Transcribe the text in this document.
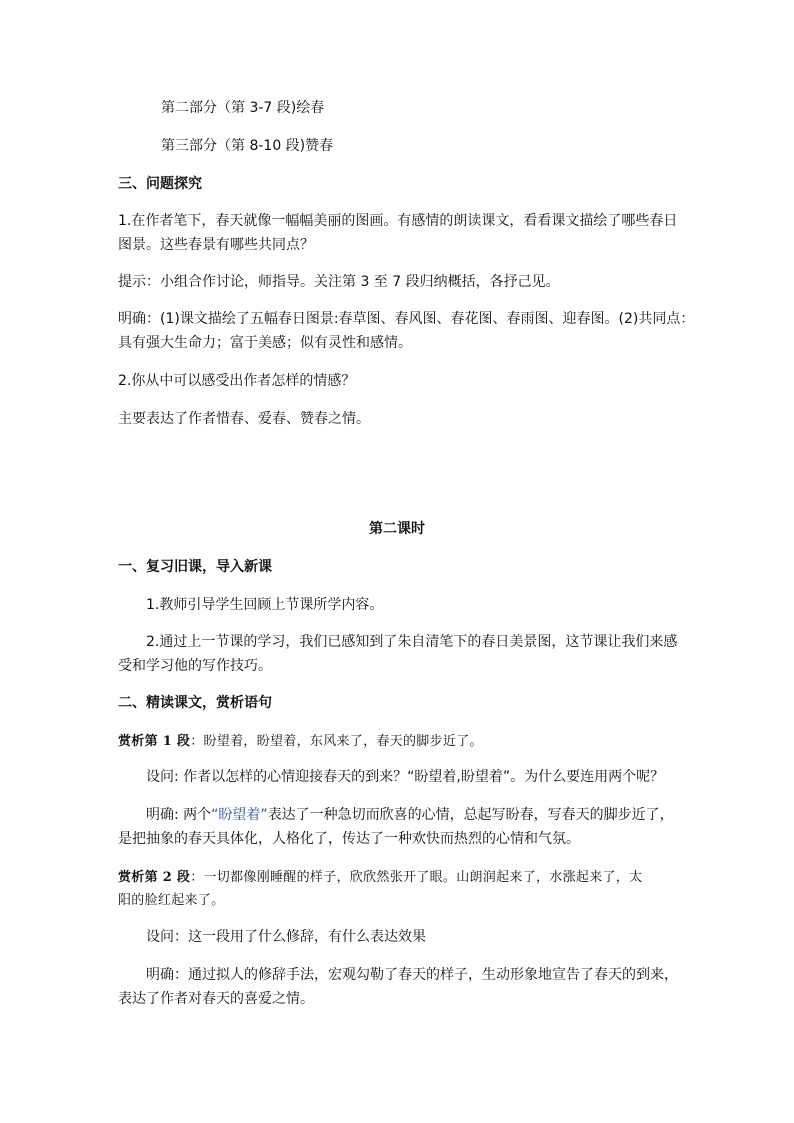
第二部分（第 3-7 段)绘春
第三部分（第 8-10 段)赞春
三、问题探究
1.在作者笔下，春天就像一幅幅美丽的图画。有感情的朗读课文，看看课文描绘了哪些春日
图景。这些春景有哪些共同点？
提示：小组合作讨论，师指导。关注第 3 至 7 段归纳概括，各抒己见。
明确：(1)课文描绘了五幅春日图景:春草图、春风图、春花图、春雨图、迎春图。(2)共同点：
具有强大生命力；富于美感；似有灵性和感情。
2.你从中可以感受出作者怎样的情感？
主要表达了作者惜春、爱春、赞春之情。
第二课时
一、复习旧课，导入新课
1.教师引导学生回顾上节课所学内容。
2.通过上一节课的学习，我们已感知到了朱自清笔下的春日美景图，这节课让我们来感
受和学习他的写作技巧。
二、精读课文，赏析语句
赏析第 1 段：盼望着，盼望着，东风来了，春天的脚步近了。
设问: 作者以怎样的心情迎接春天的到来？“盼望着,盼望着”。为什么要连用两个呢？
明确: 两个“盼望着”表达了一种急切而欣喜的心情，总起写盼春，写春天的脚步近了，
是把抽象的春天具体化，人格化了，传达了一种欢快而热烈的心情和气氛。
赏析第 2 段：一切都像刚睡醒的样子，欣欣然张开了眼。山朗润起来了，水涨起来了，太
阳的脸红起来了。
设问：这一段用了什么修辞，有什么表达效果
明确：通过拟人的修辞手法，宏观勾勒了春天的样子，生动形象地宣告了春天的到来，
表达了作者对春天的喜爱之情。
